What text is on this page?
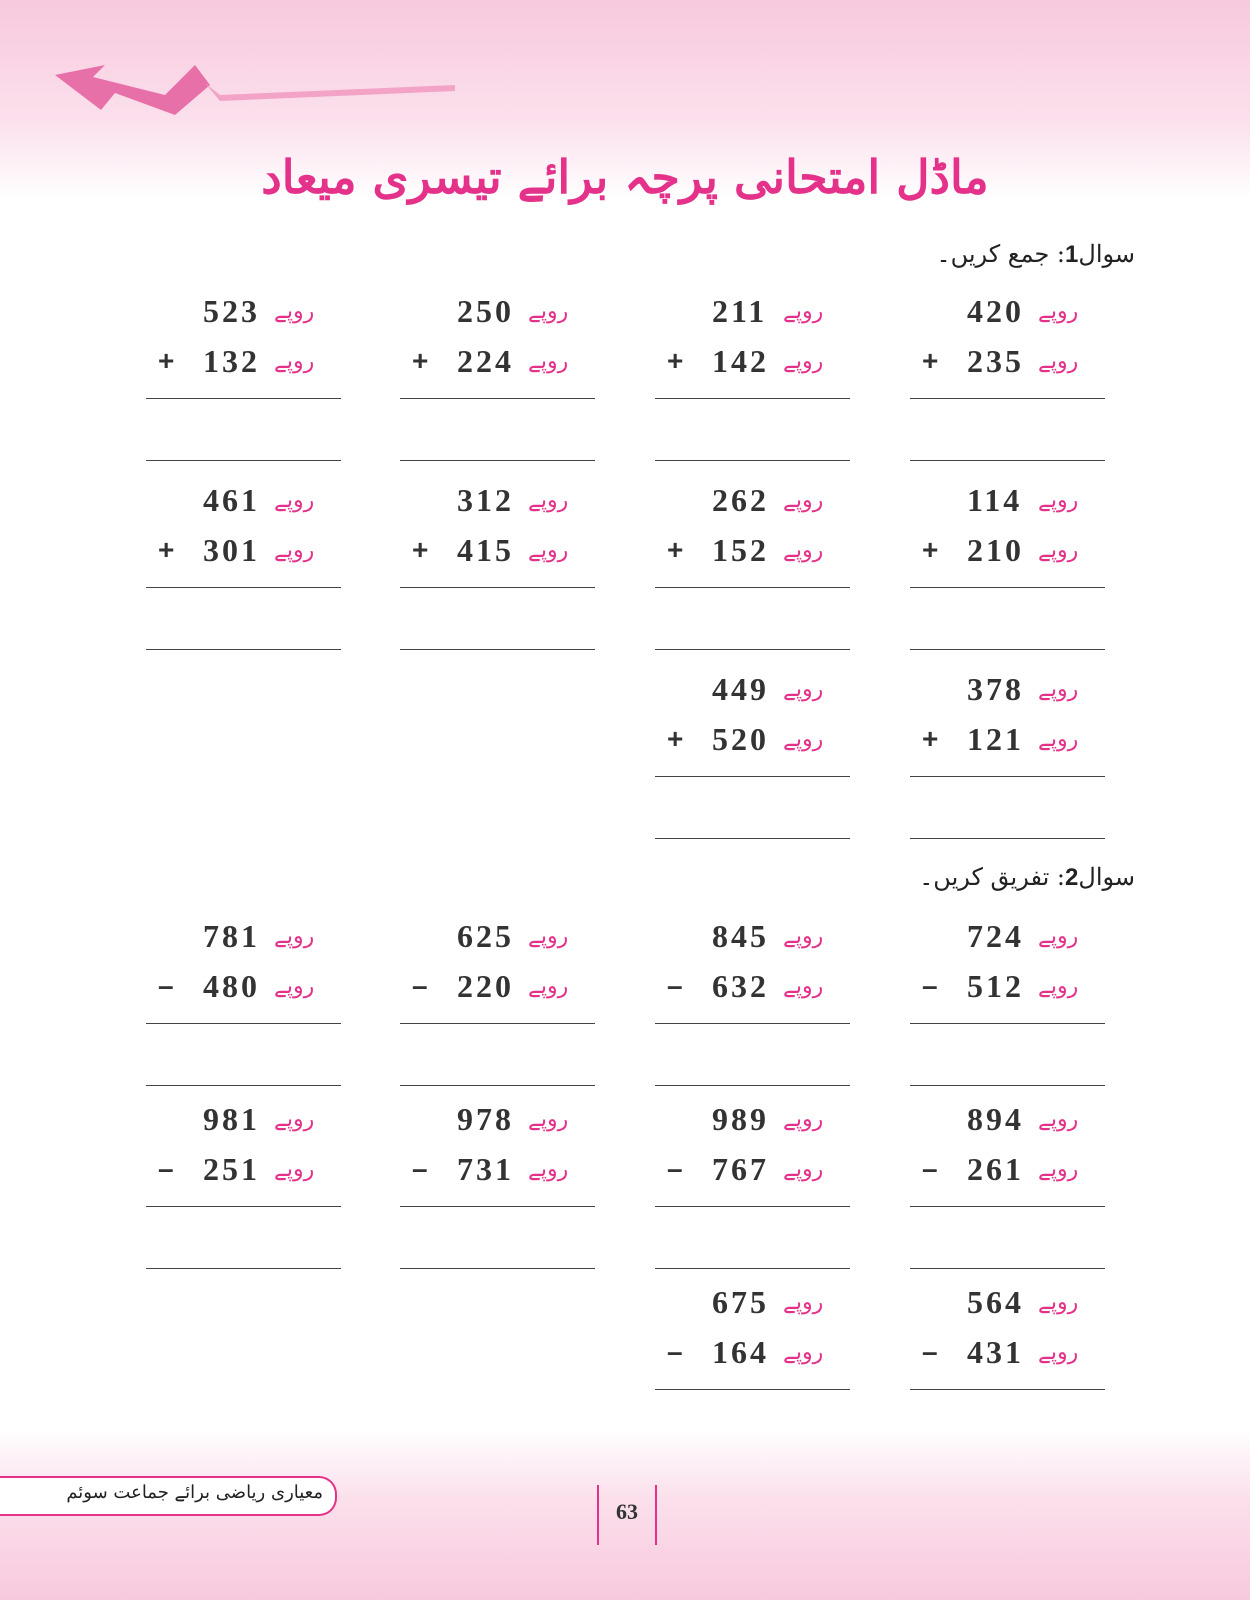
ماڈل امتحانی پرچہ برائے تیسری میعاد
سوال1: جمع کریں۔
سوال2: تفریق کریں۔
420 روپے
+ 235 روپے
211 روپے
+ 142 روپے
250 روپے
+ 224 روپے
523 روپے
+ 132 روپے
114 روپے
+ 210 روپے
262 روپے
+ 152 روپے
312 روپے
+ 415 روپے
461 روپے
+ 301 روپے
378 روپے
+ 121 روپے
449 روپے
+ 520 روپے
724 روپے
– 512 روپے
845 روپے
– 632 روپے
625 روپے
– 220 روپے
781 روپے
– 480 روپے
894 روپے
– 261 روپے
989 روپے
– 767 روپے
978 روپے
– 731 روپے
981 روپے
– 251 روپے
564 روپے
– 431 روپے
675 روپے
– 164 روپے
معیاری ریاضی برائے جماعت سوئم
63
